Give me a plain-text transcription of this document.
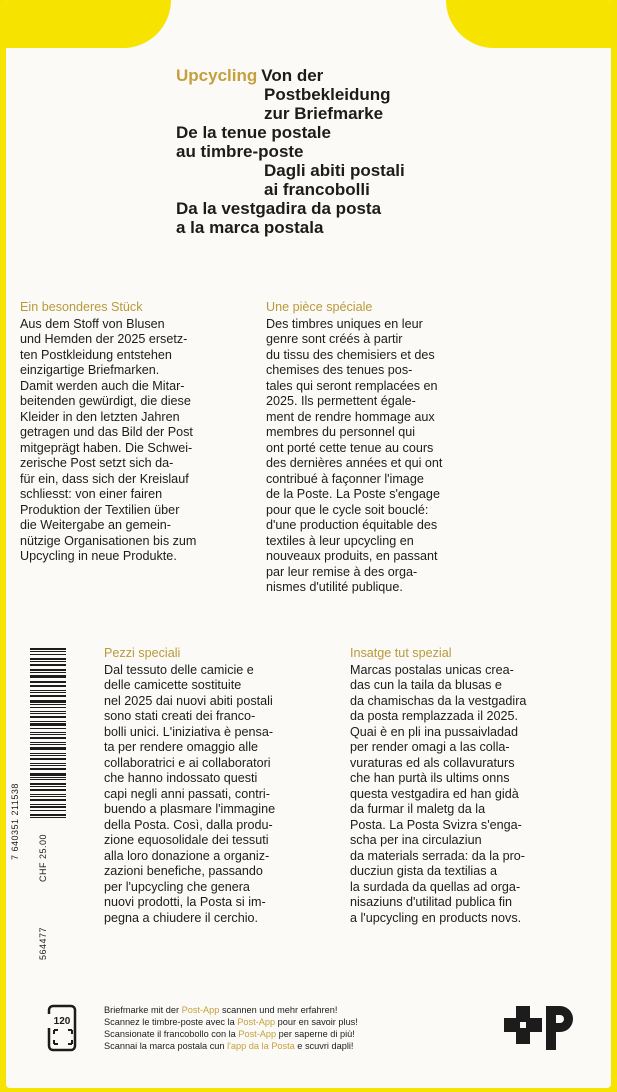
Upcycling Von der
Postbekleidung
zur Briefmarke
De la tenue postale
au timbre-poste
Dagli abiti postali
ai francobolli
Da la vestgadira da posta
a la marca postala
Ein besonderes Stück

Aus dem Stoff von Blusen
und Hemden der 2025 ersetz-
ten Postkleidung entstehen
einzigartige Briefmarken.
Damit werden auch die Mitar-
beitenden gewürdigt, die diese
Kleider in den letzten Jahren
getragen und das Bild der Post
mitgeprägt haben. Die Schwei-
zerische Post setzt sich da-
für ein, dass sich der Kreislauf
schliesst: von einer fairen
Produktion der Textilien über
die Weitergabe an gemein-
nützige Organisationen bis zum
Upcycling in neue Produkte.

Une pièce spéciale

Des timbres uniques en leur
genre sont créés à partir
du tissu des chemisiers et des
chemises des tenues pos-
tales qui seront remplacées en
2025. Ils permettent égale-
ment de rendre hommage aux
membres du personnel qui
ont porté cette tenue au cours
des dernières années et qui ont
contribué à façonner l'image
de la Poste. La Poste s'engage
pour que le cycle soit bouclé:
d'une production équitable des
textiles à leur upcycling en
nouveaux produits, en passant
par leur remise à des orga-
nismes d'utilité publique.

Pezzi speciali

Dal tessuto delle camicie e
delle camicette sostituite
nel 2025 dai nuovi abiti postali
sono stati creati dei franco-
bolli unici. L'iniziativa è pensa-
ta per rendere omaggio alle
collaboratrici e ai collaboratori
che hanno indossato questi
capi negli anni passati, contri-
buendo a plasmare l'immagine
della Posta. Così, dalla produ-
zione equosolidale dei tessuti
alla loro donazione a organiz-
zazioni benefiche, passando
per l'upcycling che genera
nuovi prodotti, la Posta si im-
pegna a chiudere il cerchio.

Insatge tut spezial

Marcas postalas unicas crea-
das cun la taila da blusas e
da chamischas da la vestgadira
da posta remplazzada il 2025.
Quai è en pli ina pussaivladad
per render omagi a las colla-
vuraturas ed als collavuraturs
che han purtà ils ultims onns
questa vestgadira ed han gidà
da furmar il maletg da la
Posta. La Posta Svizra s'enga-
scha per ina circulaziun
da materials serrada: da la pro-
ducziun gista da textilias a
la surdada da quellas ad orga-
nisaziuns d'utilitad publica fin
a l'upcycling en products novs.

7 640351 211538 CHF 25.00
564477
120
Briefmarke mit der Post-App scannen und mehr erfahren!
Scannez le timbre-poste avec la Post-App pour en savoir plus!
Scansionate il francobollo con la Post-App per saperne di più!
Scannai la marca postala cun l'app da la Posta e scuvri dapli!
